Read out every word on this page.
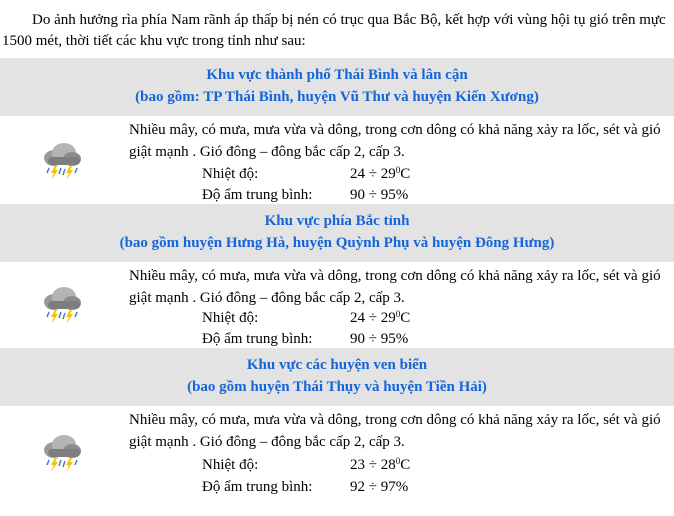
Do ảnh hưởng rìa phía Nam rãnh áp thấp bị nén có trục qua Bắc Bộ, kết hợp với vùng hội tụ gió trên mực 1500 mét, thời tiết các khu vực trong tỉnh như sau:
Khu vực thành phố Thái Bình và lân cận
(bao gồm: TP Thái Bình, huyện Vũ Thư và huyện Kiến Xương)
Nhiều mây, có mưa, mưa vừa và dông, trong cơn dông có khả năng xảy ra lốc, sét và gió giật mạnh . Gió đông – đông bắc cấp 2, cấp 3.
Nhiệt độ:	$24 \div 29^0C$
Độ ẩm trung bình:	90 ÷ 95%
Khu vực phía Bắc tỉnh
(bao gồm huyện Hưng Hà, huyện Quỳnh Phụ và huyện Đông Hưng)
Nhiều mây, có mưa, mưa vừa và dông, trong cơn dông có khả năng xảy ra lốc, sét và gió giật mạnh . Gió đông – đông bắc cấp 2, cấp 3.
Nhiệt độ:	$24 \div 29^0C$
Độ ẩm trung bình:	90 ÷ 95%
Khu vực các huyện ven biển
(bao gồm huyện Thái Thụy và huyện Tiền Hải)
Nhiều mây, có mưa, mưa vừa và dông, trong cơn dông có khả năng xảy ra lốc, sét và gió giật mạnh . Gió đông – đông bắc cấp 2, cấp 3.
Nhiệt độ:	$23 \div 28^0C$
Độ ẩm trung bình:	92 ÷ 97%
